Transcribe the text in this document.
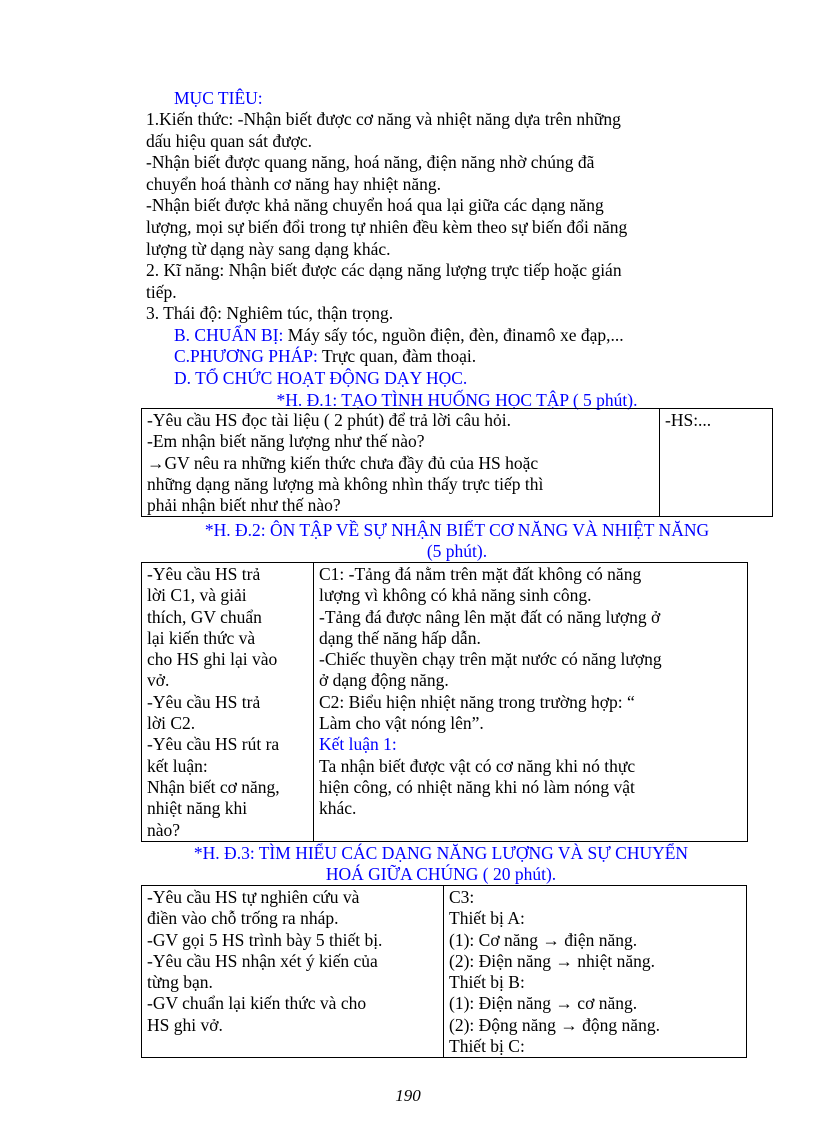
MỤC TIÊU:
1.Kiến thức: -Nhận biết được cơ năng và nhiệt năng dựa trên những
dấu hiệu quan sát được.
-Nhận biết được quang năng, hoá năng, điện năng nhờ chúng đã
chuyển hoá thành cơ năng hay nhiệt năng.
-Nhận biết được khả năng chuyển hoá qua lại giữa các dạng năng
lượng, mọi sự biến đổi trong tự nhiên đều kèm theo sự biến đổi năng
lượng từ dạng này sang dạng khác.
2. Kĩ năng: Nhận biết được các dạng năng lượng trực tiếp hoặc gián
tiếp.
3. Thái độ: Nghiêm túc, thận trọng.
B. CHUẨN BỊ: Máy sấy tóc, nguồn điện, đèn, đinamô xe đạp,...
C.PHƯƠNG PHÁP: Trực quan, đàm thoại.
D. TỔ CHỨC HOẠT ĐỘNG DẠY HỌC.
*H. Đ.1: TẠO TÌNH HUỐNG HỌC TẬP ( 5 phút).
-Yêu cầu HS đọc tài liệu ( 2 phút) để trả lời câu hỏi.
-Em nhận biết năng lượng như thế nào?
→GV nêu ra những kiến thức chưa đầy đủ của HS hoặc
những dạng năng lượng mà không nhìn thấy trực tiếp thì
phải nhận biết như thế nào?

-HS:...
*H. Đ.2: ÔN TẬP VỀ SỰ NHẬN BIẾT CƠ NĂNG VÀ NHIỆT NĂNG
(5 phút).
-Yêu cầu HS trả
lời C1, và giải
thích, GV chuẩn
lại kiến thức và
cho HS ghi lại vào
vở.
-Yêu cầu HS trả
lời C2.
-Yêu cầu HS rút ra
kết luận:
Nhận biết cơ năng,
nhiệt năng khi
nào?

C1: -Tảng đá nằm trên mặt đất không có năng
lượng vì không có khả năng sinh công.
-Tảng đá được nâng lên mặt đất có năng lượng ở
dạng thế năng hấp dẫn.
-Chiếc thuyền chạy trên mặt nước có năng lượng
ở dạng động năng.
C2: Biểu hiện nhiệt năng trong trường hợp: “
Làm cho vật nóng lên”.
Kết luận 1:
Ta nhận biết được vật có cơ năng khi nó thực
hiện công, có nhiệt năng khi nó làm nóng vật
khác.
*H. Đ.3: TÌM HIỂU CÁC DẠNG NĂNG LƯỢNG VÀ SỰ CHUYỂN
HOÁ GIỮA CHÚNG ( 20 phút).
-Yêu cầu HS tự nghiên cứu và
điền vào chỗ trống ra nháp.
-GV gọi 5 HS trình bày 5 thiết bị.
-Yêu cầu HS nhận xét ý kiến của
từng bạn.
-GV chuẩn lại kiến thức và cho
HS ghi vở.

C3:
Thiết bị A:
(1): Cơ năng → điện năng.
(2): Điện năng → nhiệt năng.
Thiết bị B:
(1): Điện năng → cơ năng.
(2): Động năng → động năng.
Thiết bị C:
190
